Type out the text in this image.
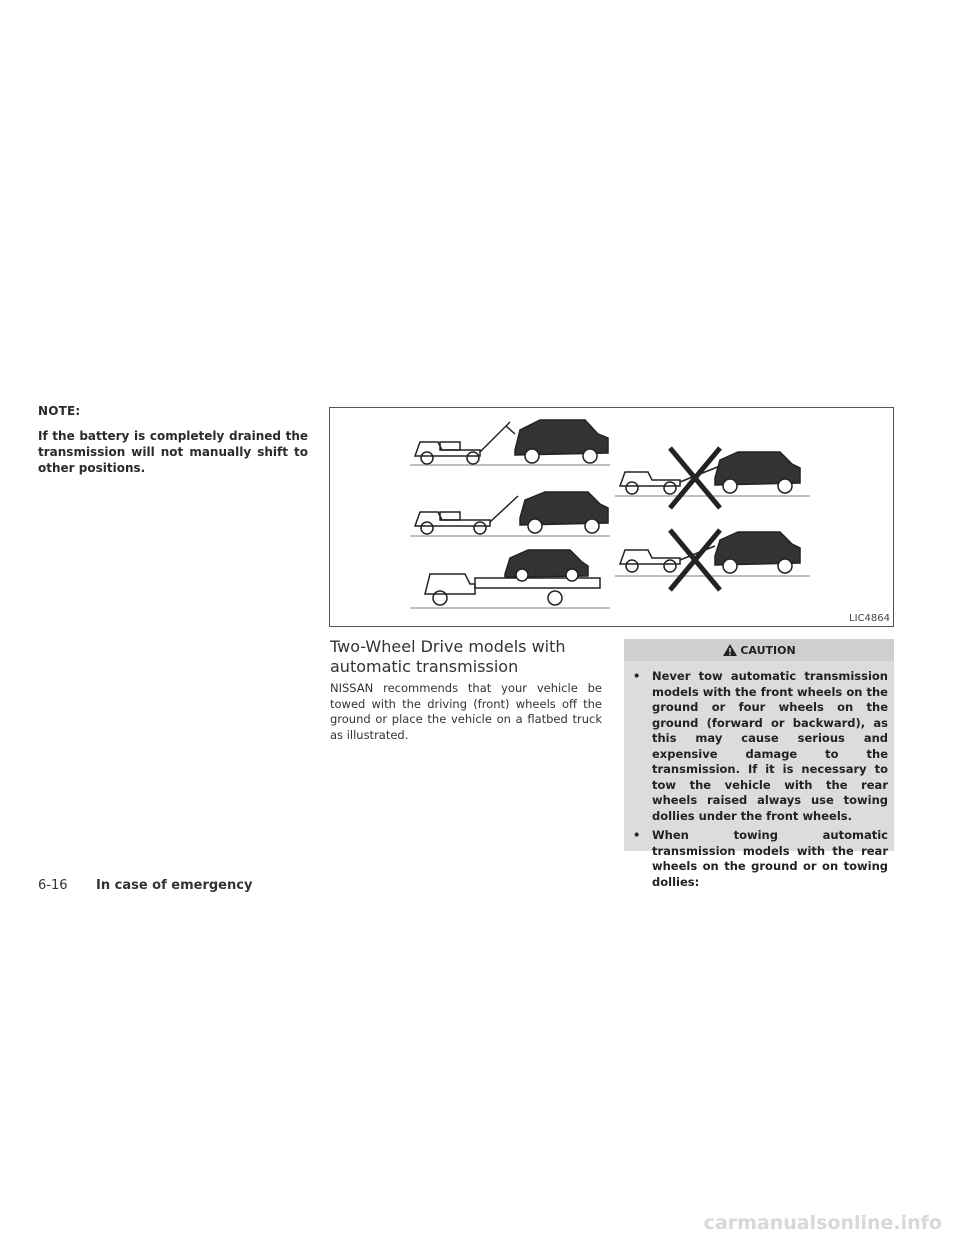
NOTE:
If the battery is completely drained the transmission will not manually shift to other positions.
LIC4864
Two-Wheel Drive models with
automatic transmission
NISSAN recommends that your vehicle be towed with the driving (front) wheels off the ground or place the vehicle on a flatbed truck as illustrated.
CAUTION
• Never tow automatic transmission models with the front wheels on the ground or four wheels on the ground (forward or backward), as this may cause serious and expensive damage to the transmission. If it is necessary to tow the vehicle with the rear wheels raised always use towing dollies under the front wheels.
• When towing automatic transmission models with the rear wheels on the ground or on towing dollies:
6-16 In case of emergency
carmanualsonline.info
